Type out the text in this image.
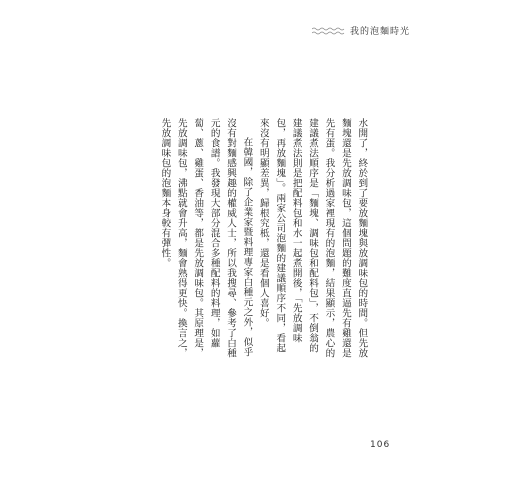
我的泡麵時光

水開了，終於到了要放麵塊與放調味包的時間。但先放麵塊還是先放調味包，這個問題的難度直逼先有雞還是先有蛋。我分析過家裡現有的泡麵，結果顯示，農心的建議煮法順序是「麵塊、調味包和配料包」，不倒翁的建議煮法則是把配料包和水一起煮開後，「先放調味包，再放麵塊」。兩家公司泡麵的建議順序不同，看起來沒有明顯差異，歸根究柢，還是看個人喜好。

在韓國，除了企業家暨料理專家白種元之外，似乎沒有對麵感興趣的權威人士，所以我搜尋、參考了白種元的食譜。我發現大部分混合多種配料的料理，如蘿蔔、蔥、雞蛋、香油等，都是先放調味包。其原理是，先放調味包，沸點就會升高，麵會熟得更快。換言之，先放調味包的泡麵本身較有彈性。

106
